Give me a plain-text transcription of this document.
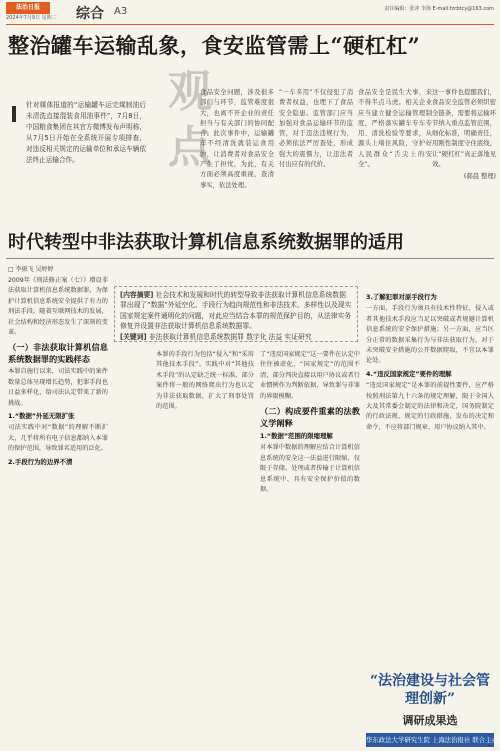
法治日报
2024年7月9日 星期二 综合 A3	责任编辑：张冲 李海 E-mail:fzrbtcy@163.com
整治罐车运输乱象，食安监管需上“硬杠杠”
针对媒体报道的“运输罐车运完煤制油后未清洗直接混装食用油事件”，7月8日，中国粮食集团在其官方微博发布声明称，从7月5日开始在全系统开展专项排查，对违反相关规定的运输单位和承运车辆依法终止运输合作。
观
点
食品安全问题，涉及很多部门与环节，监管难度很大，也离不开企业的责任担当与有关部门的协同配合。此次事件中，运输罐车不经清洗就装运食用油，让消费者对食品安全产生了担忧，为此，有关方面必须高度重视，查清事实，依法处理。
“一车多用”不仅侵犯了消费者权益，也埋下了食品安全隐患。监管部门应当加强对食品运输环节的监管，对于违法违规行为，必须依法严厉查处，形成强大的震慑力，让违法者付出应有的代价。
食品安全是民生大事，来不得半点马虎。相关企业应当建立健全运输管理制度，严格落实罐车专车专用、清洗检验等要求，从源头上堵住风险，守护好人民群众“舌尖上的安全”。
这一事件也提醒我们，食品安全监管必须织密全链条，需要将运输环节纳入重点监管范围，细化标准，明确责任，用刚性制度守住底线，让“硬杠杠”真正落地见效。
(郝晨 整理)
时代转型中非法获取计算机信息系统数据罪的适用
□ 李振飞 吴婷婷
[内容摘要] 社会技术和发展和时代的转型导致非法获取计算机信息系统数据罪出现了“数据”外延空化、手段行为趋向规范性和非法技术、多样性以及现实国家规定案件通明化的问题，对此应当结合本罪的规范保护目的，从法律实务修复并设置非法获取计算机信息系统数据罪。
[关键词] 非法获取计算机信息系统数据罪 数字化 法益 实证研究
2009年《刑法修正案（七）》增设非法获取计算机信息系统数据罪，为保护计算机信息系统安全提供了有力的刑法手段。随着互联网技术的发展，社会结构和经济形态发生了深刻的变革。
（一）非法获取计算机信息系统数据罪的实践样态
本罪自施行以来，司法实践中的案件数量总体呈现增长趋势，犯罪手段也日益多样化，给司法认定带来了新的挑战。
1.“数据”外延无限扩张
司法实践中对“数据”的理解不断扩大，几乎将所有电子信息都纳入本罪的保护范围，导致罪名适用的泛化。
2.手段行为的边界不清
本罪的手段行为包括“侵入”和“采用其他技术手段”。实践中对“其他技术手段”的认定缺乏统一标准，部分案件将一般的网络爬虫行为也认定为非法获取数据，扩大了刑事处罚的范围。
了“违反国家规定”这一要件在认定中往往被虚化，“国家规定”的范围不清，部分判决直接以用户协议或者行业惯例作为判断依据，导致罪与非罪的界限模糊。
（二）构成要件重素的法教义学阐释
1.“数据”范围的限缩理解
对本罪中数据的理解应结合计算机信息系统的安全这一法益进行限缩，仅限于存储、处理或者传输于计算机信息系统中、具有安全保护价值的数据。
3.了解犯罪对原手段行为
一方面，手段行为须具有技术性特征，侵入或者其他技术手段应当足以突破或者规避计算机信息系统的安全保护措施；另一方面，应当区分正常的数据采集行为与非法获取行为，对于未突破安全措施的公开数据爬取，不宜以本罪论处。
4.“违反国家规定”要件的理解
“违反国家规定”是本罪的前提性要件，应严格按照刑法第九十六条的规定理解，限于全国人大及其常委会制定的法律和决定，国务院制定的行政法规、规定的行政措施、发布的决定和命令，不应将部门规章、用户协议纳入其中。
“法治建设与社会管理创新”
调研成果选
华东政法大学研究生院 上海法治报社 联合主办
